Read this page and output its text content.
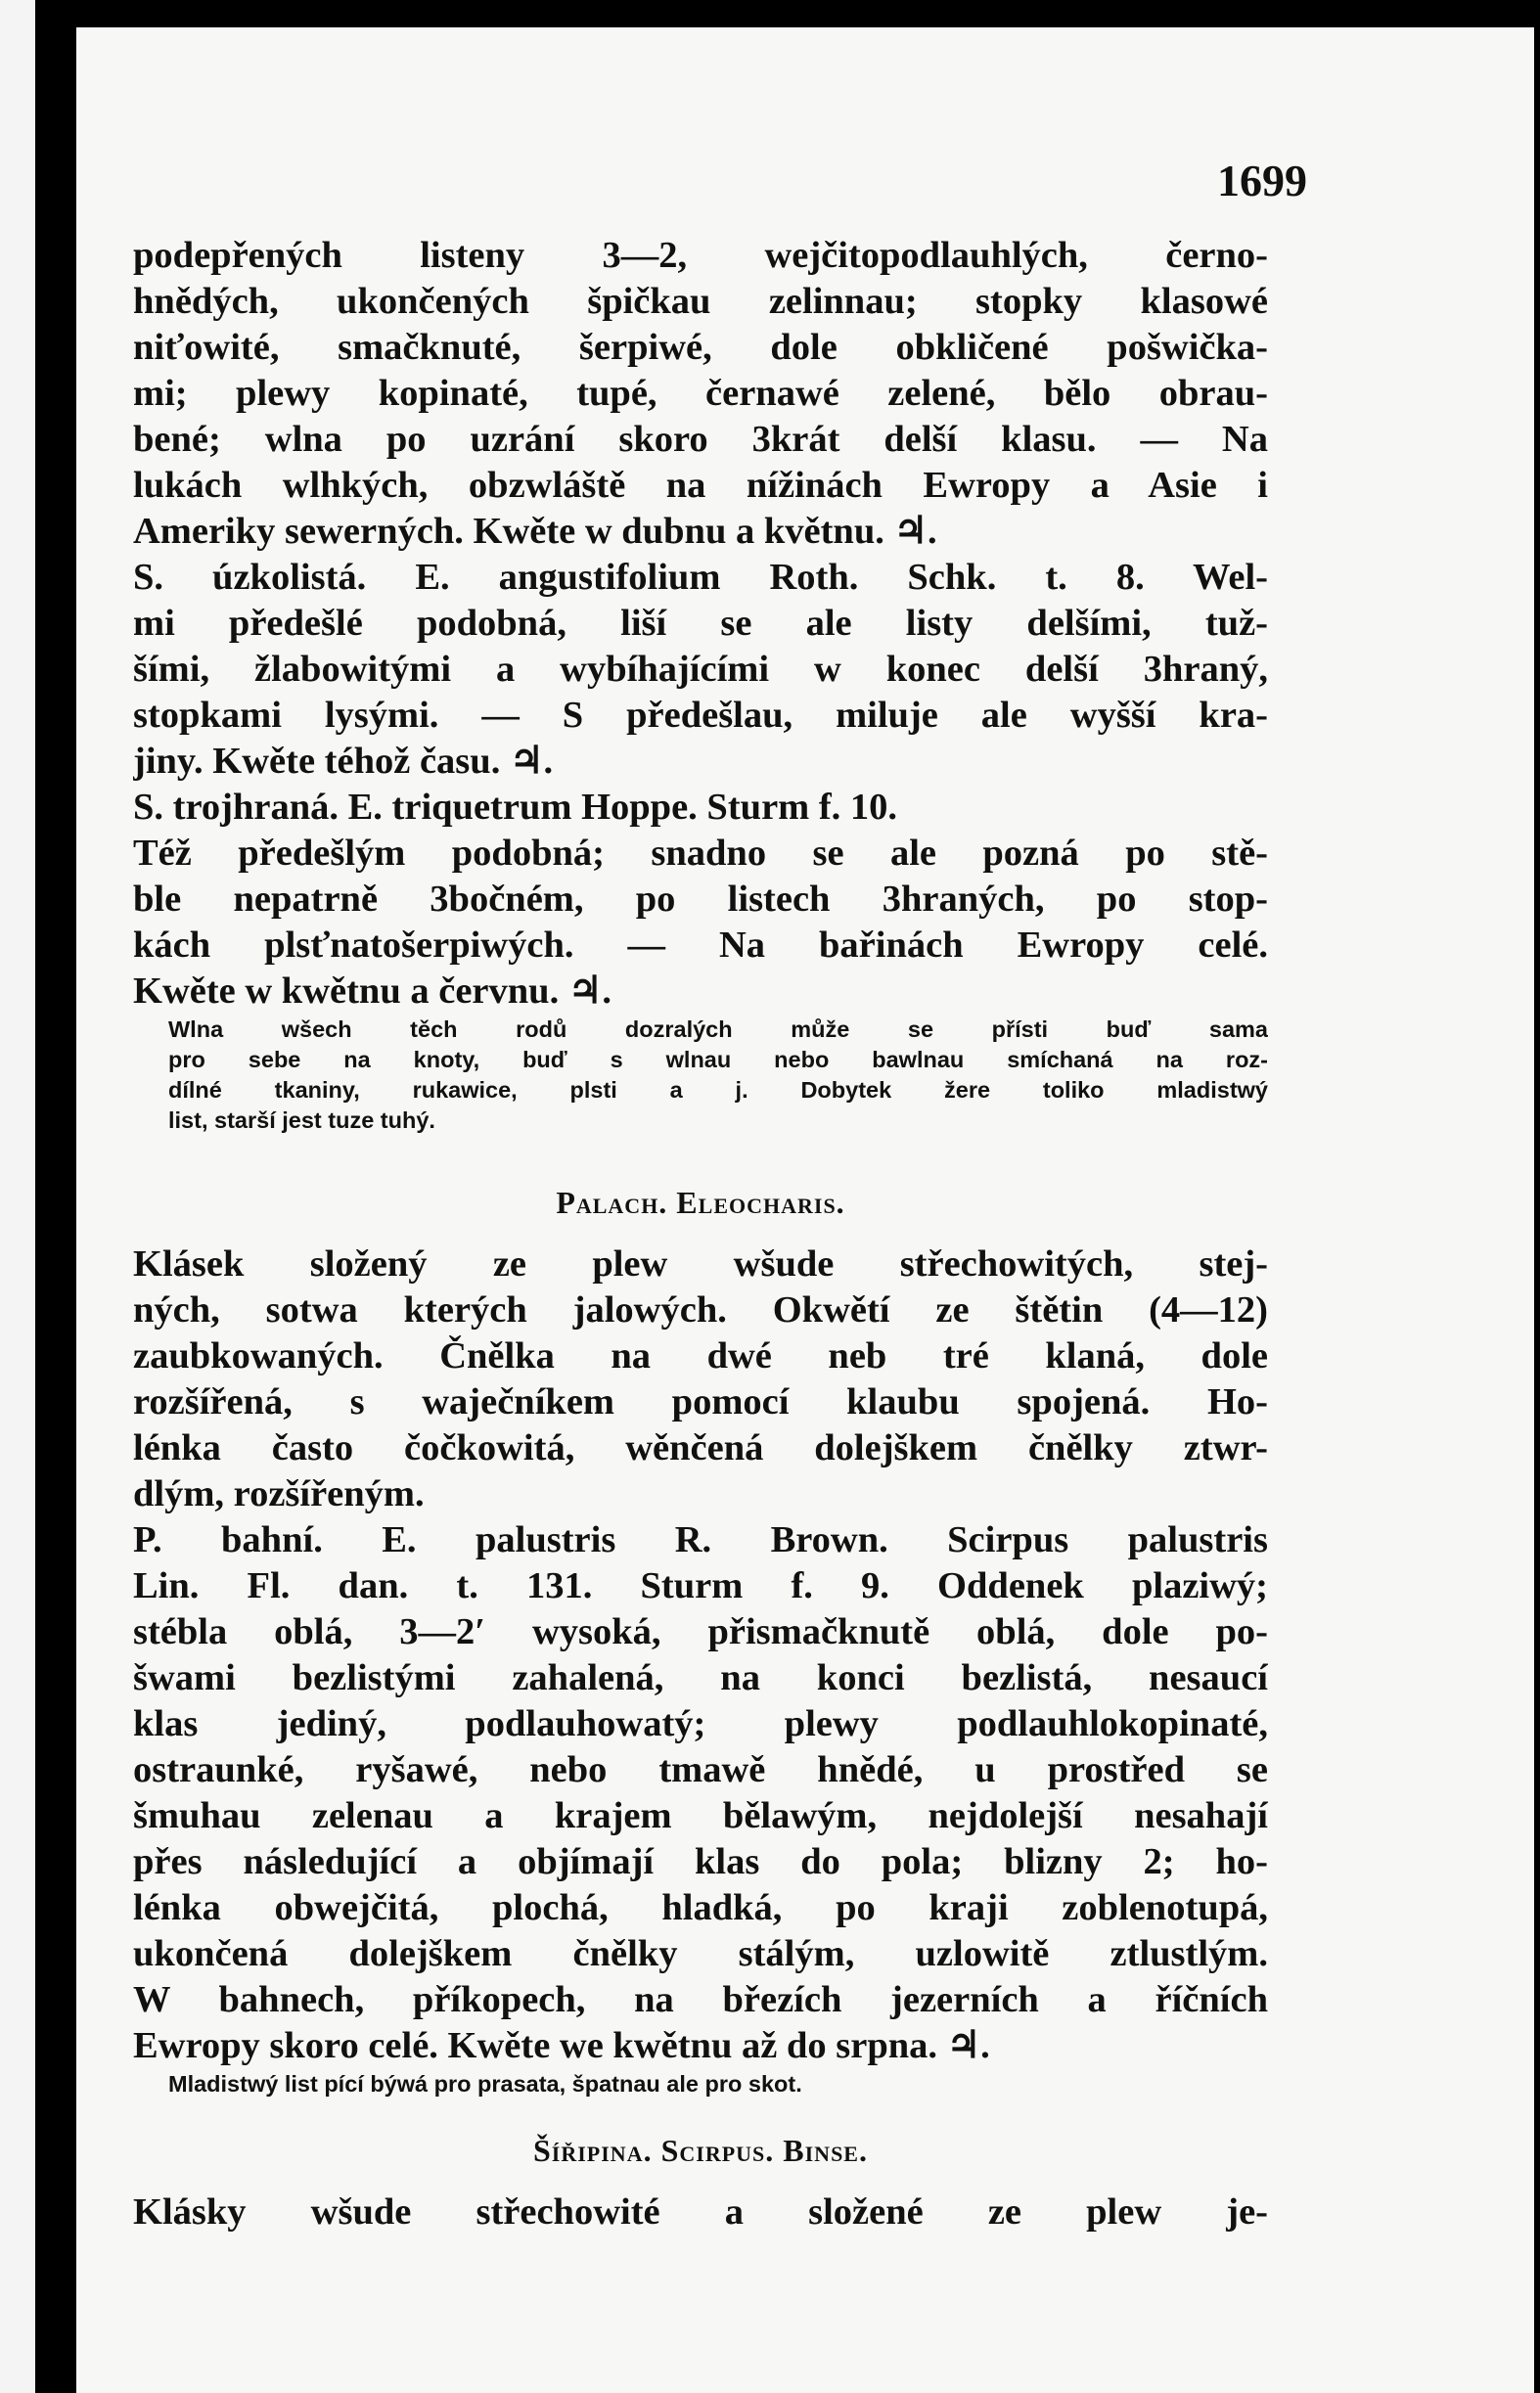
1699
podepřených listeny 3—2, wejčitopodlauhlých, černo-
hnědých, ukončených špičkau zelinnau; stopky klasowé
niťowité, smačknuté, šerpiwé, dole obkličené pošwička-
mi; plewy kopinaté, tupé, černawé zelené, bělo obrau-
bené; wlna po uzrání skoro 3krát delší klasu. — Na
lukách wlhkých, obzwláště na nížinách Ewropy a Asie i
Ameriky sewerných. Kwěte w dubnu a květnu. ♃.
S. úzkolistá. E. angustifolium Roth. Schk. t. 8. Wel-
mi předešlé podobná, liší se ale listy delšími, tuž-
šími, žlabowitými a wybíhajícími w konec delší 3hraný,
stopkami lysými. — S předešlau, miluje ale wyšší kra-
jiny. Kwěte téhož času. ♃.
S. trojhraná. E. triquetrum Hoppe. Sturm f. 10.
Též předešlým podobná; snadno se ale pozná po stě-
ble nepatrně 3bočném, po listech 3hraných, po stop-
kách plsťnatošerpiwých. — Na bařinách Ewropy celé.
Kwěte w kwětnu a červnu. ♃.
Wlna wšech těch rodů dozralých může se přísti buď sama
pro sebe na knoty, buď s wlnau nebo bawlnau smíchaná na roz-
dílné tkaniny, rukawice, plsti a j. Dobytek žere toliko mladistwý
list, starší jest tuze tuhý.
Palach. Eleocharis.
Klásek složený ze plew wšude střechowitých, stej-
ných, sotwa kterých jalowých. Okwětí ze štětin (4—12)
zaubkowaných. Čnělka na dwé neb tré klaná, dole
rozšířená, s waječníkem pomocí klaubu spojená. Ho-
lénka často čočkowitá, wěnčená dolejškem čnělky ztwr-
dlým, rozšířeným.
P. bahní. E. palustris R. Brown. Scirpus palustris
Lin. Fl. dan. t. 131. Sturm f. 9. Oddenek plaziwý;
stébla oblá, 3—2′ wysoká, přismačknutě oblá, dole po-
šwami bezlistými zahalená, na konci bezlistá, nesaucí
klas jediný, podlauhowatý; plewy podlauhlokopinaté,
ostraunké, ryšawé, nebo tmawě hnědé, u prostřed se
šmuhau zelenau a krajem bělawým, nejdolejší nesahají
přes následující a objímají klas do pola; blizny 2; ho-
lénka obwejčitá, plochá, hladká, po kraji zoblenotupá,
ukončená dolejškem čnělky stálým, uzlowitě ztlustlým.
W bahnech, příkopech, na březích jezerních a říčních
Ewropy skoro celé. Kwěte we kwětnu až do srpna. ♃.
Mladistwý list pící býwá pro prasata, špatnau ale pro skot.
Šířipina. Scirpus. Binse.
Klásky wšude střechowité a složené ze plew je-
